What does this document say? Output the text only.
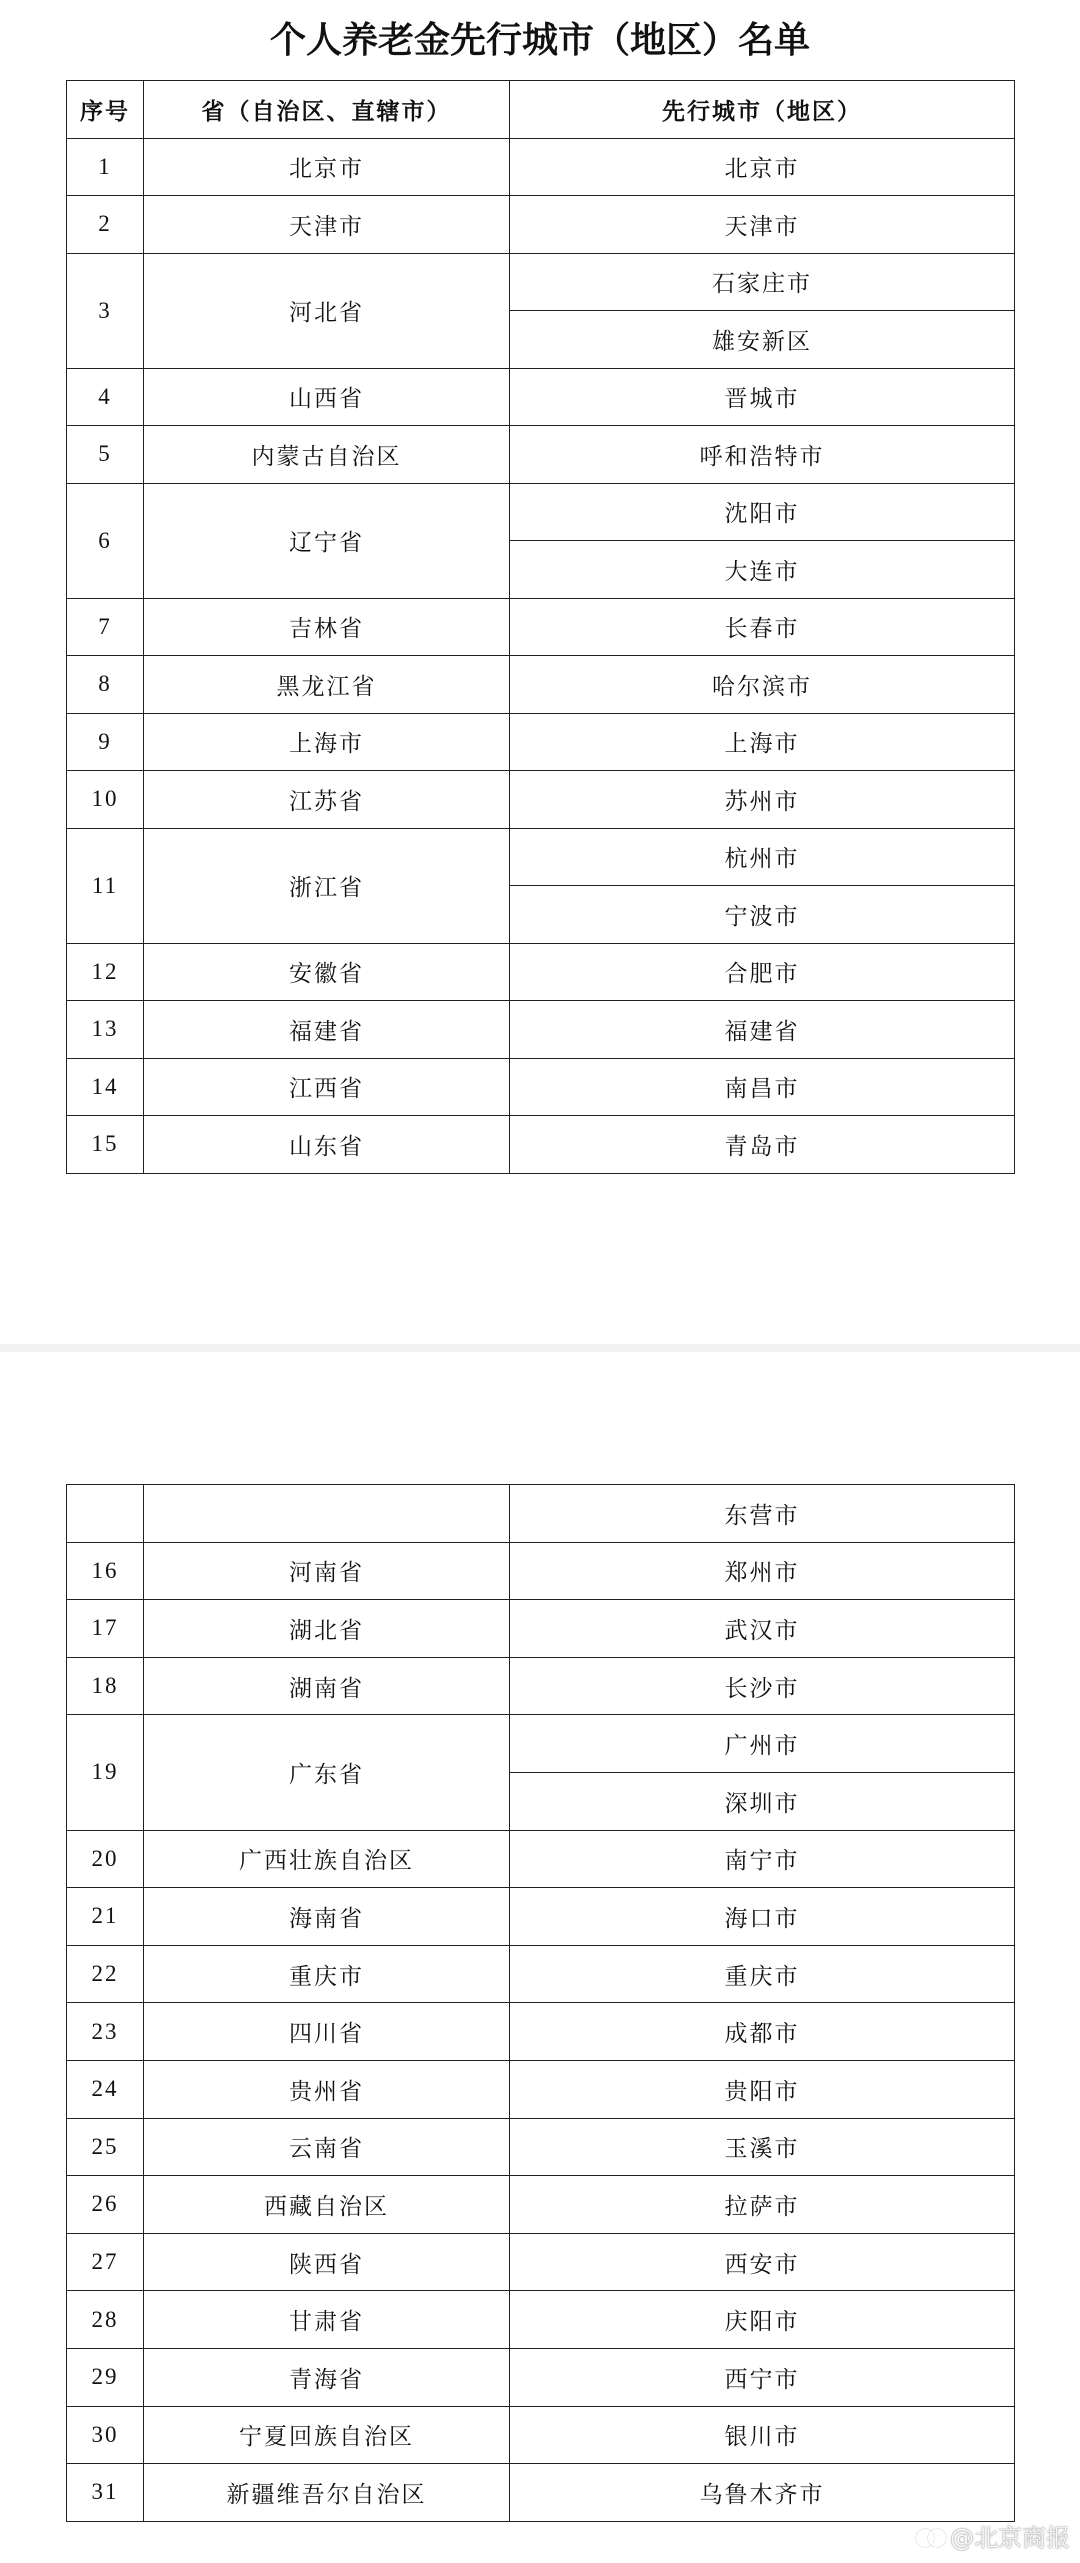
个人养老金先行城市（地区）名单
序号	省（自治区、直辖市）	先行城市（地区）
1	北京市	北京市
2	天津市	天津市
3	河北省	石家庄市
		雄安新区
4	山西省	晋城市
5	内蒙古自治区	呼和浩特市
6	辽宁省	沈阳市
		大连市
7	吉林省	长春市
8	黑龙江省	哈尔滨市
9	上海市	上海市
10	江苏省	苏州市
11	浙江省	杭州市
		宁波市
12	安徽省	合肥市
13	福建省	福建省
14	江西省	南昌市
15	山东省	青岛市
		东营市
16	河南省	郑州市
17	湖北省	武汉市
18	湖南省	长沙市
19	广东省	广州市
		深圳市
20	广西壮族自治区	南宁市
21	海南省	海口市
22	重庆市	重庆市
23	四川省	成都市
24	贵州省	贵阳市
25	云南省	玉溪市
26	西藏自治区	拉萨市
27	陕西省	西安市
28	甘肃省	庆阳市
29	青海省	西宁市
30	宁夏回族自治区	银川市
31	新疆维吾尔自治区	乌鲁木齐市
@北京商报
